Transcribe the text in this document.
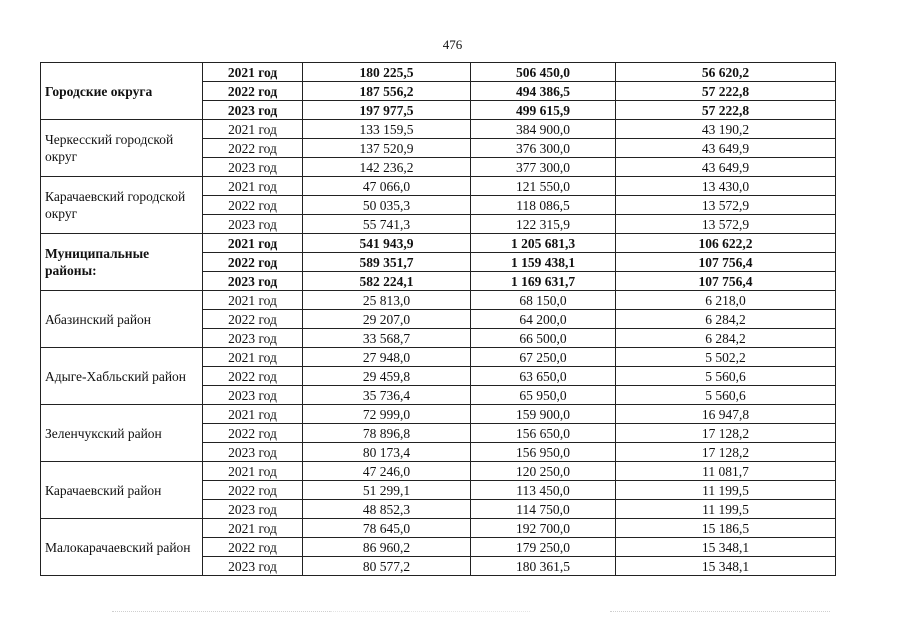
476
Городские округа	2021 год	180 225,5	506 450,0	56 620,2
	2022 год	187 556,2	494 386,5	57 222,8
	2023 год	197 977,5	499 615,9	57 222,8
Черкесский городской округ	2021 год	133 159,5	384 900,0	43 190,2
	2022 год	137 520,9	376 300,0	43 649,9
	2023 год	142 236,2	377 300,0	43 649,9
Карачаевский городской округ	2021 год	47 066,0	121 550,0	13 430,0
	2022 год	50 035,3	118 086,5	13 572,9
	2023 год	55 741,3	122 315,9	13 572,9
Муниципальные районы:	2021 год	541 943,9	1 205 681,3	106 622,2
	2022 год	589 351,7	1 159 438,1	107 756,4
	2023 год	582 224,1	1 169 631,7	107 756,4
Абазинский район	2021 год	25 813,0	68 150,0	6 218,0
	2022 год	29 207,0	64 200,0	6 284,2
	2023 год	33 568,7	66 500,0	6 284,2
Адыге-Хабльский район	2021 год	27 948,0	67 250,0	5 502,2
	2022 год	29 459,8	63 650,0	5 560,6
	2023 год	35 736,4	65 950,0	5 560,6
Зеленчукский район	2021 год	72 999,0	159 900,0	16 947,8
	2022 год	78 896,8	156 650,0	17 128,2
	2023 год	80 173,4	156 950,0	17 128,2
Карачаевский район	2021 год	47 246,0	120 250,0	11 081,7
	2022 год	51 299,1	113 450,0	11 199,5
	2023 год	48 852,3	114 750,0	11 199,5
Малокарачаевский район	2021 год	78 645,0	192 700,0	15 186,5
	2022 год	86 960,2	179 250,0	15 348,1
	2023 год	80 577,2	180 361,5	15 348,1
